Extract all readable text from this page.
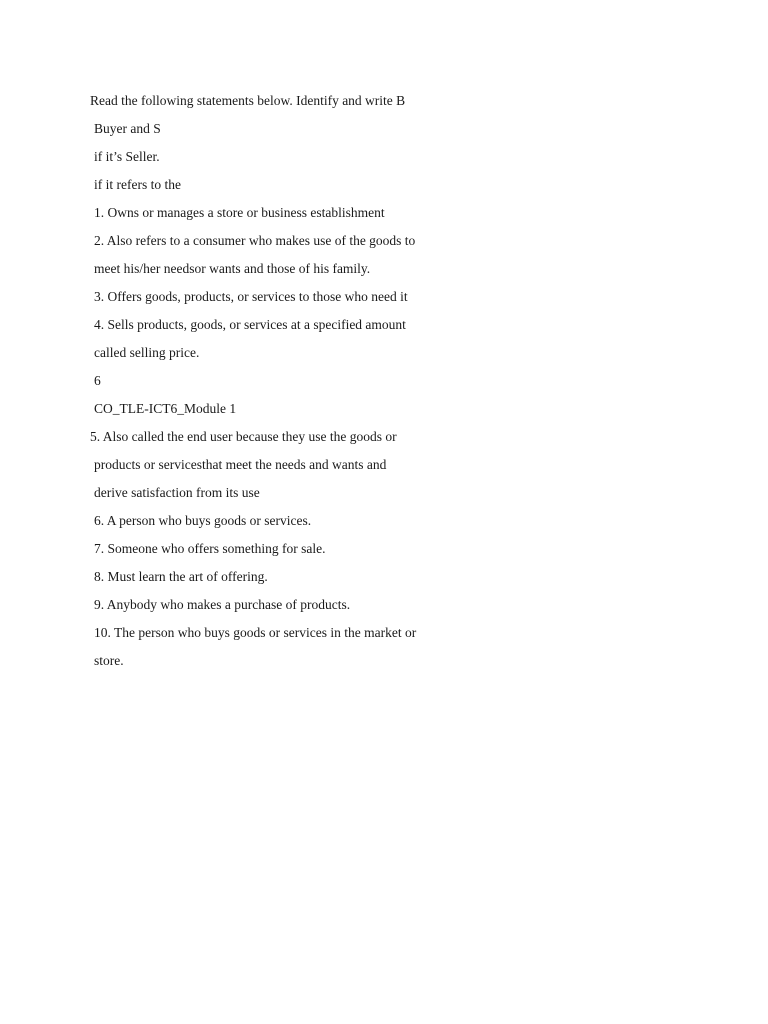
Read the following statements below. Identify and write B
Buyer and S
if it’s Seller.
if it refers to the
1. Owns or manages a store or business establishment
2. Also refers to a consumer who makes use of the goods to
meet his/her needsor wants and those of his family.
3. Offers goods, products, or services to those who need it
4. Sells products, goods, or services at a specified amount
called selling price.
6
CO_TLE-ICT6_Module 1
5. Also called the end user because they use the goods or
products or servicesthat meet the needs and wants and
derive satisfaction from its use
6. A person who buys goods or services.
7. Someone who offers something for sale.
8. Must learn the art of offering.
9. Anybody who makes a purchase of products.
10. The person who buys goods or services in the market or
store.
